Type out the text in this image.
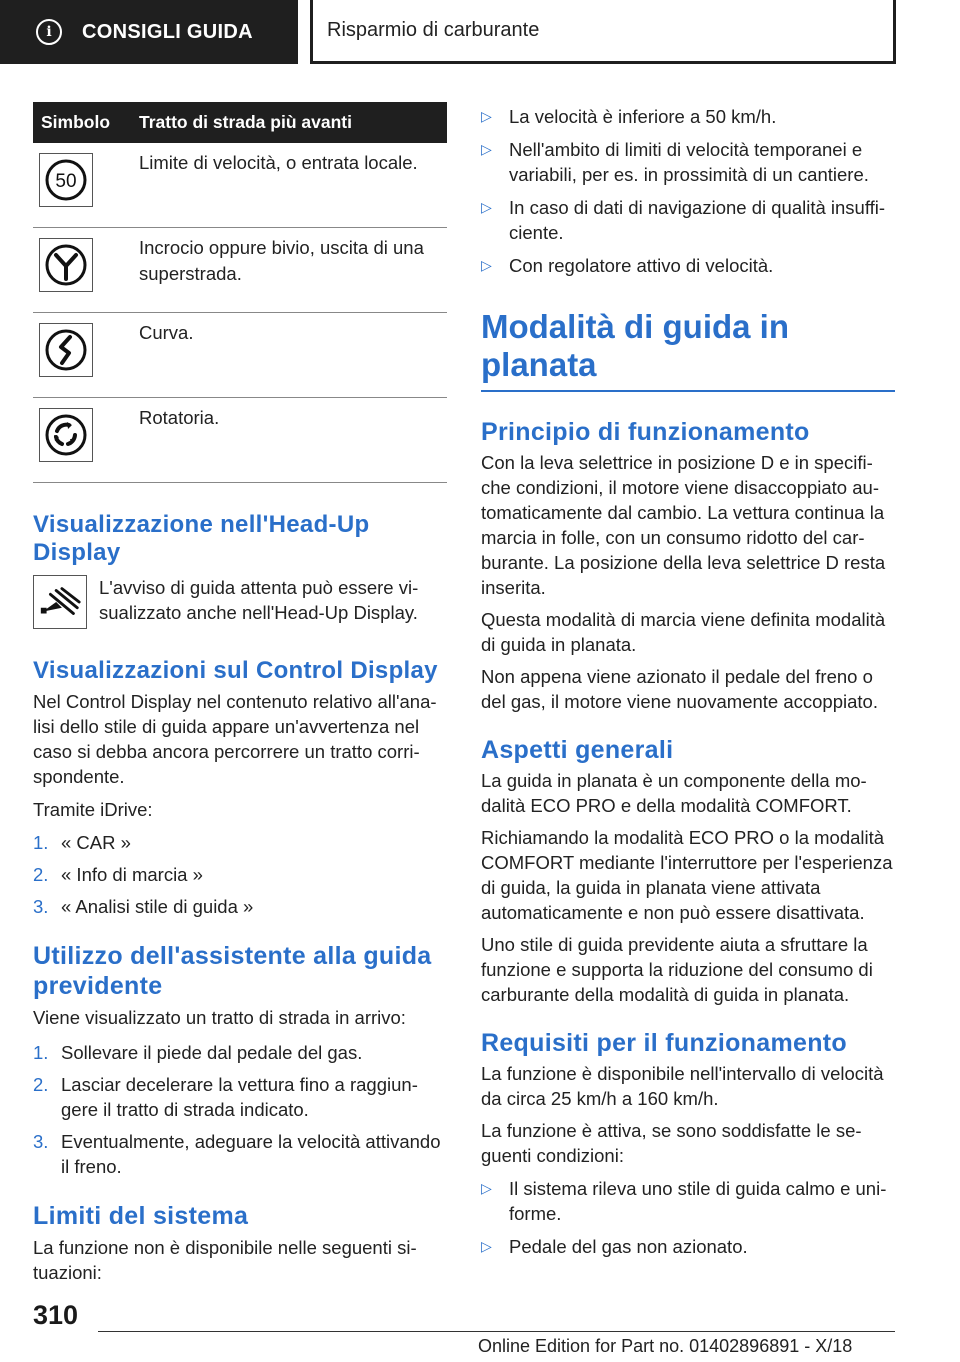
i	CONSIGLI GUIDA	Risparmio di carburante
Simbolo	Tratto di strada più avanti

50	Limite di velocità, o entrata locale.

	Incrocio oppure bivio, uscita di una superstrada.

	Curva.

	Rotatoria.
Visualizzazione nell'Head-Up Display

L'avviso di guida attenta può essere visualizzato anche nell'Head-Up Display.

Visualizzazioni sul Control Display

Nel Control Display nel contenuto relativo all'analisi dello stile di guida appare un'avvertenza nel caso si debba ancora percorrere un tratto corrispondente.

Tramite iDrive:

1. « CAR »
2. « Info di marcia »
3. « Analisi stile di guida »
Utilizzo dell'assistente alla guida previdente

Viene visualizzato un tratto di strada in arrivo:

1. Sollevare il piede dal pedale del gas.
2. Lasciar decelerare la vettura fino a raggiungere il tratto di strada indicato.
3. Eventualmente, adeguare la velocità attivando il freno.
Limiti del sistema

La funzione non è disponibile nelle seguenti situazioni:

▷ La velocità è inferiore a 50 km/h.
▷ Nell'ambito di limiti di velocità temporanei e variabili, per es. in prossimità di un cantiere.
▷ In caso di dati di navigazione di qualità insufficiente.
▷ Con regolatore attivo di velocità.
Modalità di guida in planata
Principio di funzionamento

Con la leva selettrice in posizione D e in specifiche condizioni, il motore viene disaccoppiato automaticamente dal cambio. La vettura continua la marcia in folle, con un consumo ridotto del carburante. La posizione della leva selettrice D resta inserita.

Questa modalità di marcia viene definita modalità di guida in planata.

Non appena viene azionato il pedale del freno o del gas, il motore viene nuovamente accoppiato.

Aspetti generali

La guida in planata è un componente della modalità ECO PRO e della modalità COMFORT.

Richiamando la modalità ECO PRO o la modalità COMFORT mediante l'interruttore per l'esperienza di guida, la guida in planata viene attivata automaticamente e non può essere disattivata.

Uno stile di guida previdente aiuta a sfruttare la funzione e supporta la riduzione del consumo di carburante della modalità di guida in planata.

Requisiti per il funzionamento

La funzione è disponibile nell'intervallo di velocità da circa 25 km/h a 160 km/h.

La funzione è attiva, se sono soddisfatte le seguenti condizioni:

▷ Il sistema rileva uno stile di guida calmo e uniforme.
▷ Pedale del gas non azionato.
310
Online Edition for Part no. 01402896891 - X/18
